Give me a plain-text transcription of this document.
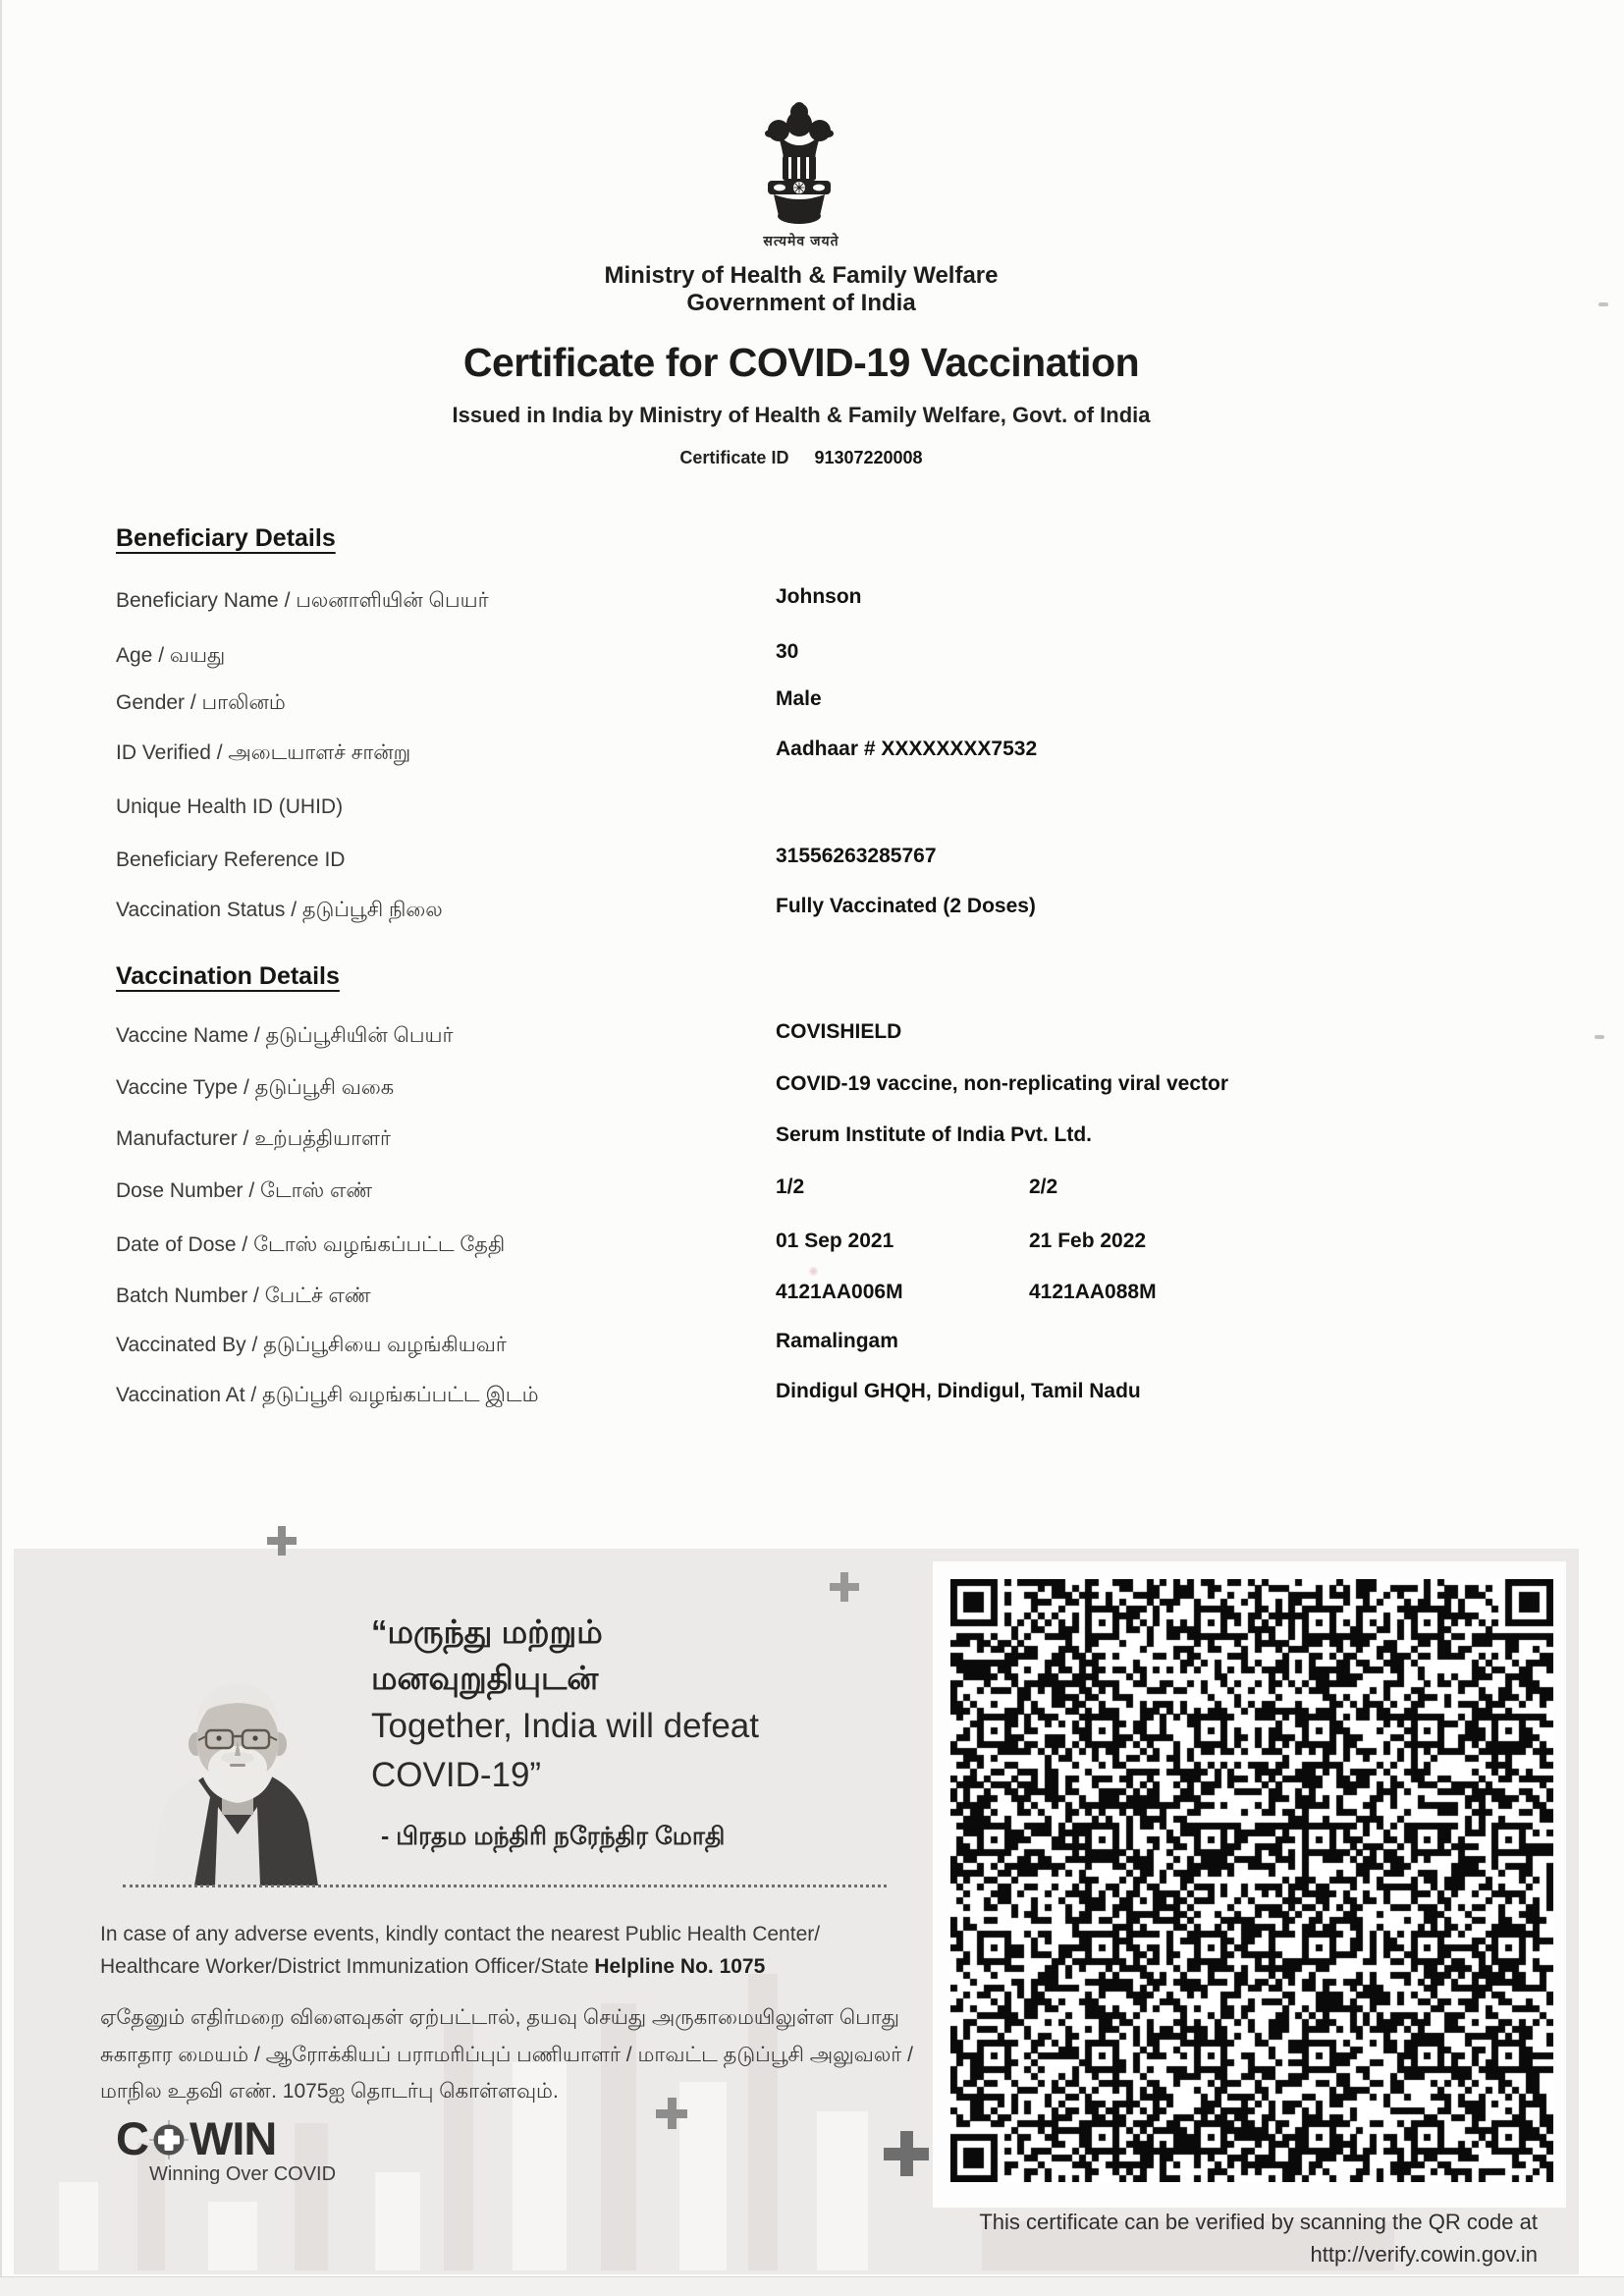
सत्यमेव जयते
Ministry of Health & Family Welfare
Government of India
Certificate for COVID-19 Vaccination
Issued in India by Ministry of Health & Family Welfare, Govt. of India
Certificate ID 91307220008
Beneficiary Details
Beneficiary Name / பலனாளியின் பெயர்	Johnson
Age / வயது	30
Gender / பாலினம்	Male
ID Verified / அடையாளச் சான்று	Aadhaar # XXXXXXXX7532
Unique Health ID (UHID)
Beneficiary Reference ID	31556263285767
Vaccination Status / தடுப்பூசி நிலை	Fully Vaccinated (2 Doses)
Vaccination Details
Vaccine Name / தடுப்பூசியின் பெயர்	COVISHIELD
Vaccine Type / தடுப்பூசி வகை	COVID-19 vaccine, non-replicating viral vector
Manufacturer / உற்பத்தியாளர்	Serum Institute of India Pvt. Ltd.
Dose Number / டோஸ் எண்	1/2	2/2
Date of Dose / டோஸ் வழங்கப்பட்ட தேதி	01 Sep 2021	21 Feb 2022
Batch Number / பேட்ச் எண்	4121AA006M	4121AA088M
Vaccinated By / தடுப்பூசியை வழங்கியவர்	Ramalingam
Vaccination At / தடுப்பூசி வழங்கப்பட்ட இடம்	Dindigul GHQH, Dindigul, Tamil Nadu
“மருந்து மற்றும்
மனவுறுதியுடன்
Together, India will defeat
COVID-19”
- பிரதம மந்திரி நரேந்திர மோதி
In case of any adverse events, kindly contact the nearest Public Health Center/
Healthcare Worker/District Immunization Officer/State Helpline No. 1075
ஏதேனும் எதிர்மறை விளைவுகள் ஏற்பட்டால், தயவு செய்து அருகாமையிலுள்ள பொது
சுகாதார மையம் / ஆரோக்கியப் பராமரிப்புப் பணியாளர் / மாவட்ட தடுப்பூசி அலுவலர் /
மாநில உதவி எண். 1075ஐ தொடர்பு கொள்ளவும்.
C WIN
Winning Over COVID
This certificate can be verified by scanning the QR code at
http://verify.cowin.gov.in
